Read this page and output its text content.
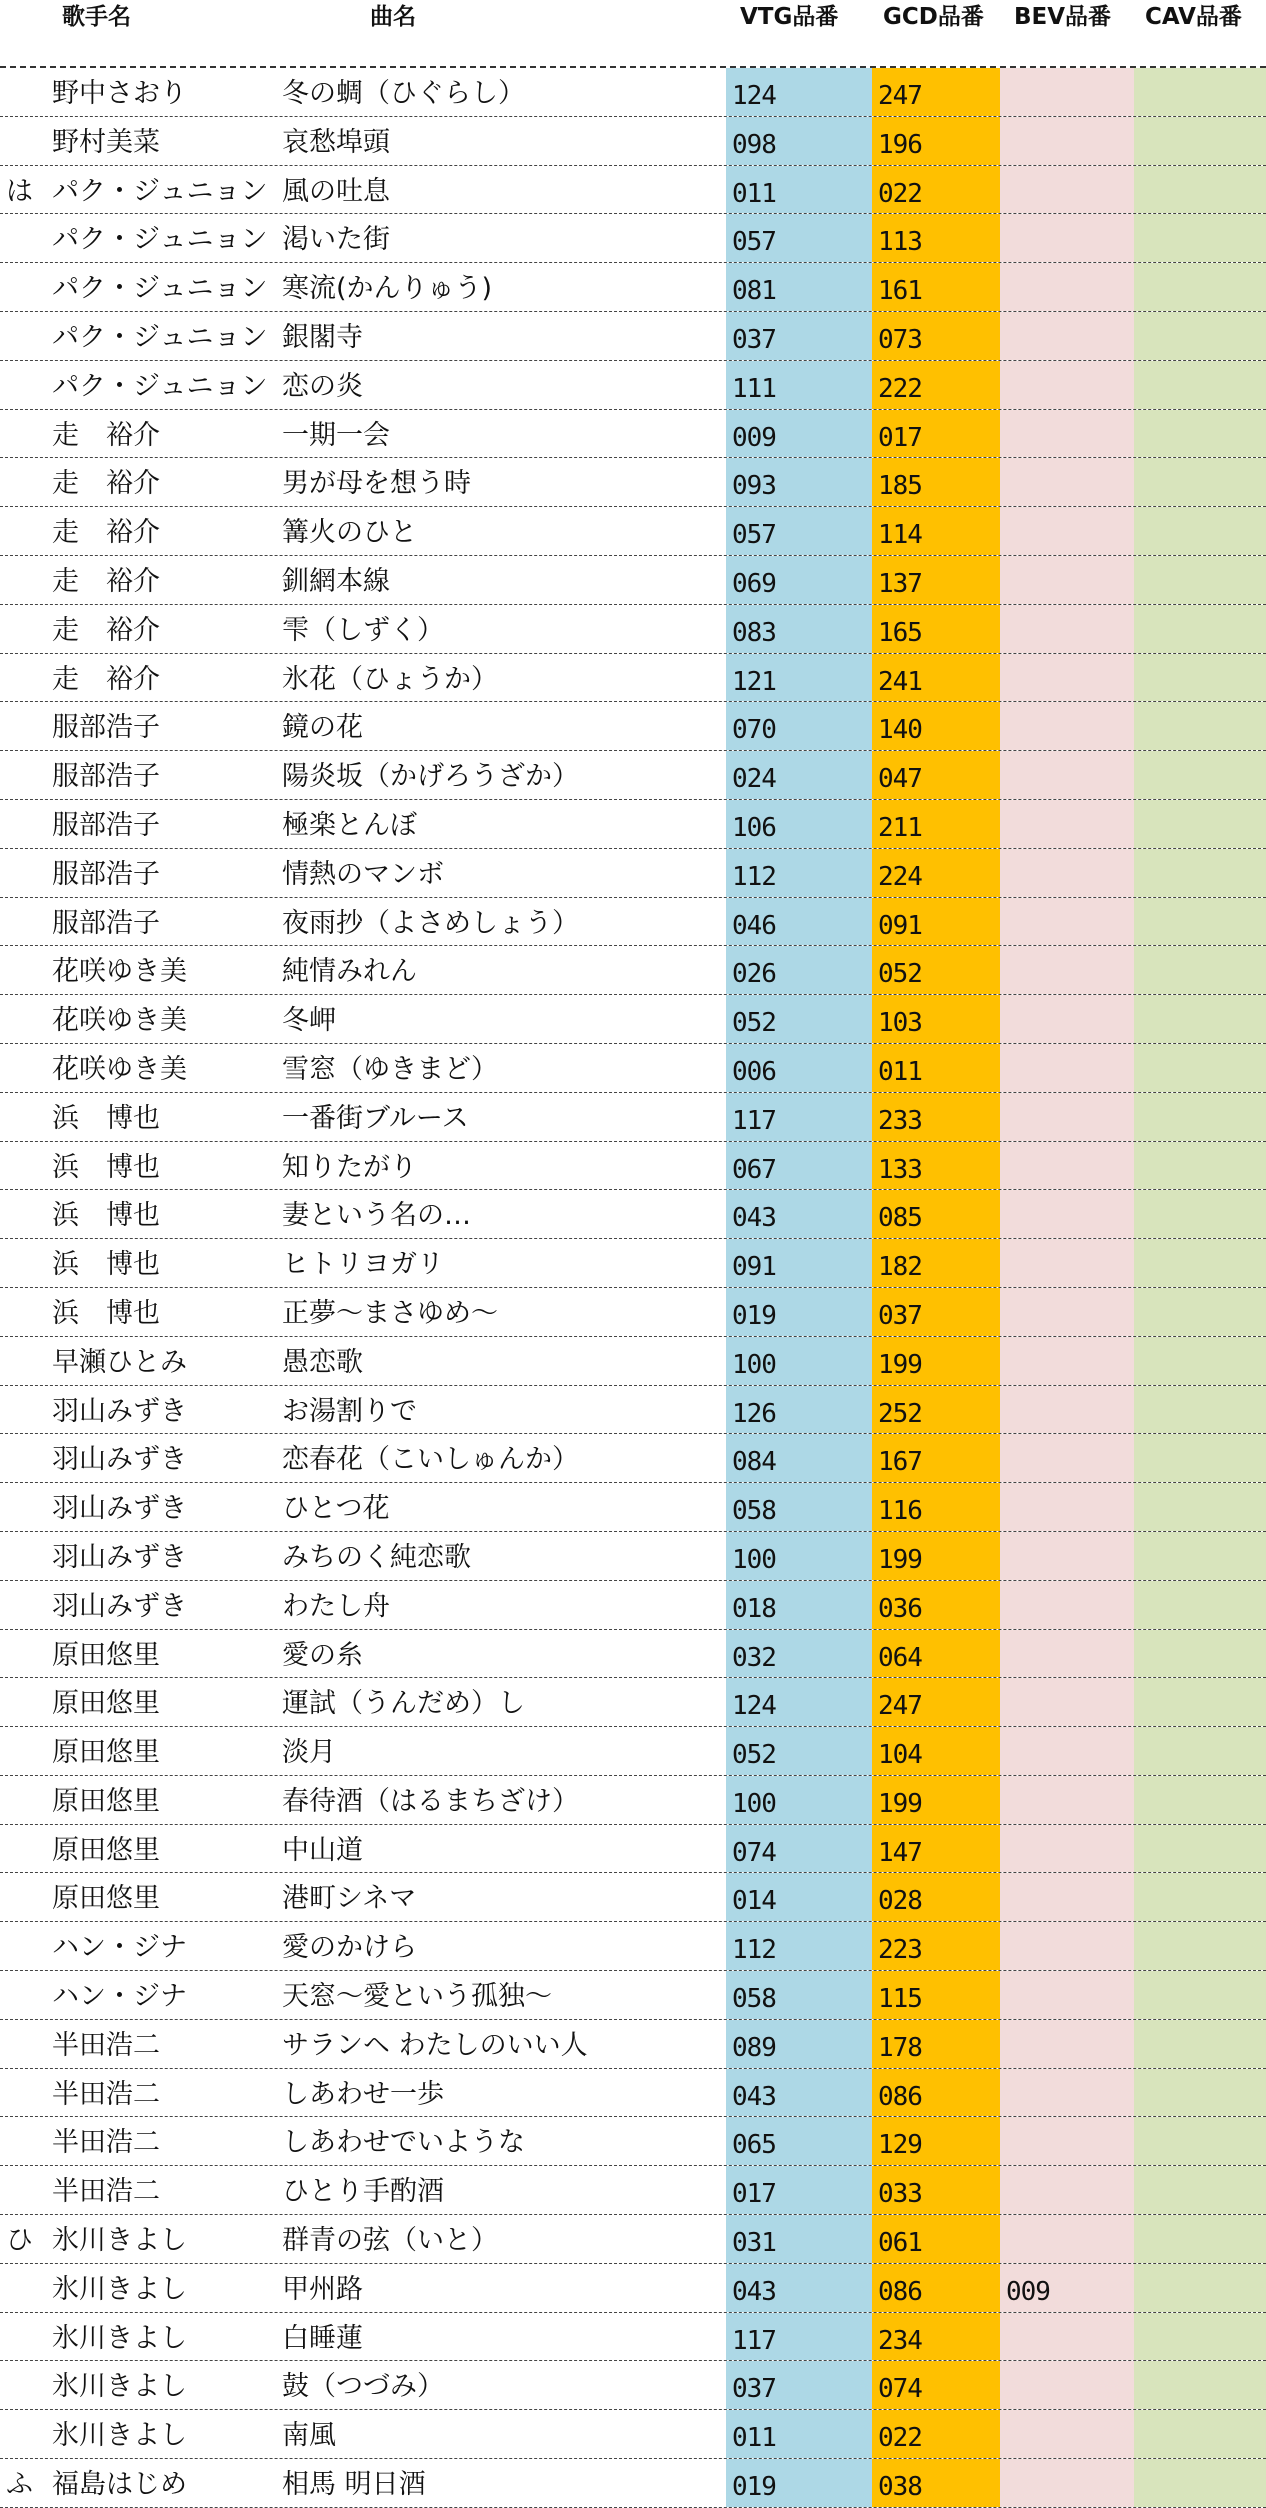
歌手名	曲名	VTG品番 GCD品番 BEV品番 CAV品番
野中さおり	冬の蜩（ひぐらし）	124	247
野村美菜	哀愁埠頭	098	196
は パク・ジュニョン 風の吐息	011	022
パク・ジュニョン 渇いた街	057	113
パク・ジュニョン 寒流(かんりゅう)	081	161
パク・ジュニョン 銀閣寺	037	073
パク・ジュニョン 恋の炎	111	222
走　裕介	一期一会	009	017
走　裕介	男が母を想う時	093	185
走　裕介	篝火のひと	057	114
走　裕介	釧網本線	069	137
走　裕介	雫（しずく）	083	165
走　裕介	氷花（ひょうか）	121	241
服部浩子	鏡の花	070	140
服部浩子	陽炎坂（かげろうざか）	024	047
服部浩子	極楽とんぼ	106	211
服部浩子	情熱のマンボ	112	224
服部浩子	夜雨抄（よさめしょう）	046	091
花咲ゆき美	純情みれん	026	052
花咲ゆき美	冬岬	052	103
花咲ゆき美	雪窓（ゆきまど）	006	011
浜　博也	一番街ブルース	117	233
浜　博也	知りたがり	067	133
浜　博也	妻という名の…	043	085
浜　博也	ヒトリヨガリ	091	182
浜　博也	正夢～まさゆめ～	019	037
早瀬ひとみ	愚恋歌	100	199
羽山みずき	お湯割りで	126	252
羽山みずき	恋春花（こいしゅんか）	084	167
羽山みずき	ひとつ花	058	116
羽山みずき	みちのく純恋歌	100	199
羽山みずき	わたし舟	018	036
原田悠里	愛の糸	032	064
原田悠里	運試（うんだめ）し	124	247
原田悠里	淡月	052	104
原田悠里	春待酒（はるまちざけ）	100	199
原田悠里	中山道	074	147
原田悠里	港町シネマ	014	028
ハン・ジナ	愛のかけら	112	223
ハン・ジナ	天窓～愛という孤独～	058	115
半田浩二	サランヘ わたしのいい人	089	178
半田浩二	しあわせ一歩	043	086
半田浩二	しあわせでいような	065	129
半田浩二	ひとり手酌酒	017	033
ひ 氷川きよし	群青の弦（いと）	031	061
氷川きよし	甲州路	043	086	009
氷川きよし	白睡蓮	117	234
氷川きよし	鼓（つづみ）	037	074
氷川きよし	南風	011	022
ふ 福島はじめ	相馬 明日酒	019	038
